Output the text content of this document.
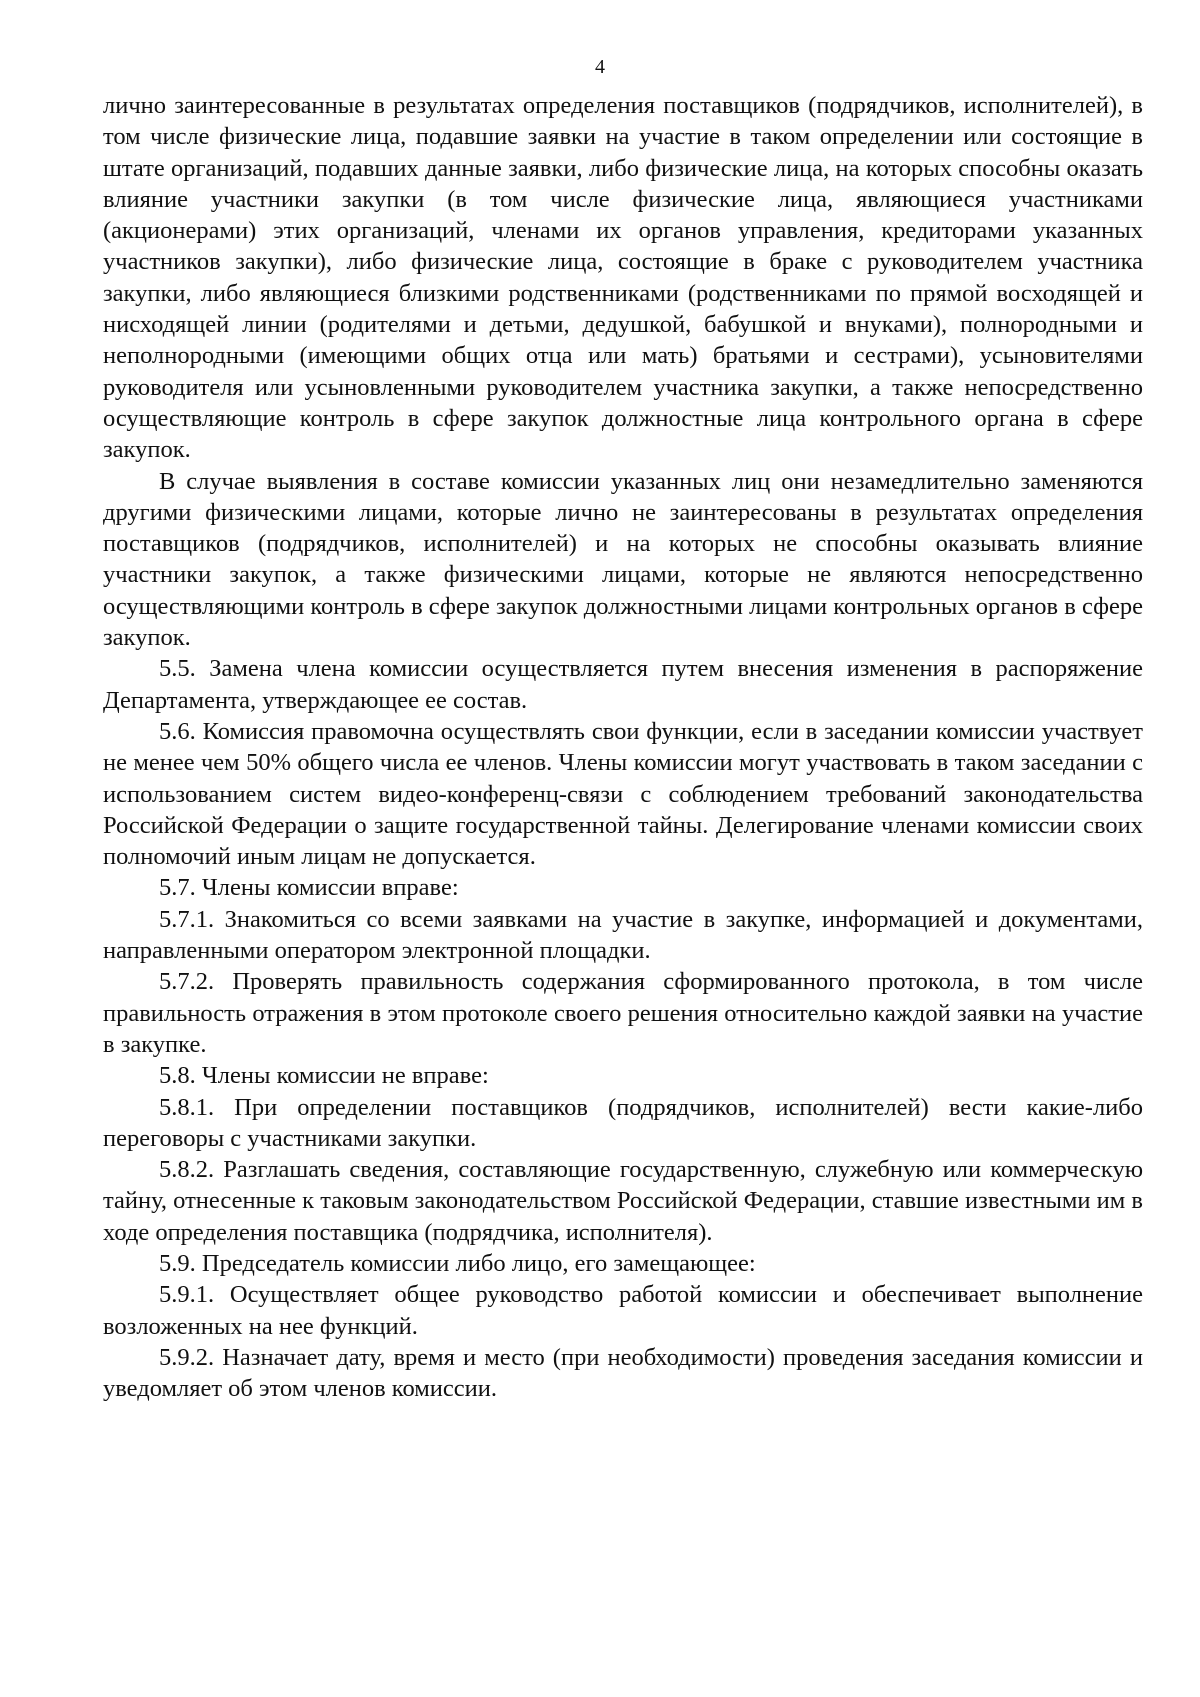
4

лично заинтересованные в результатах определения поставщиков (подрядчиков, исполнителей), в том числе физические лица, подавшие заявки на участие в таком определении или состоящие в штате организаций, подавших данные заявки, либо физические лица, на которых способны оказать влияние участники закупки (в том числе физические лица, являющиеся участниками (акционерами) этих организаций, членами их органов управления, кредиторами указанных участников закупки), либо физические лица, состоящие в браке с руководителем участника закупки, либо являющиеся близкими родственниками (родственниками по прямой восходящей и нисходящей линии (родителями и детьми, дедушкой, бабушкой и внуками), полнородными и неполнородными (имеющими общих отца или мать) братьями и сестрами), усыновителями руководителя или усыновленными руководителем участника закупки, а также непосредственно осуществляющие контроль в сфере закупок должностные лица контрольного органа в сфере закупок.

В случае выявления в составе комиссии указанных лиц они незамедлительно заменяются другими физическими лицами, которые лично не заинтересованы в результатах определения поставщиков (подрядчиков, исполнителей) и на которых не способны оказывать влияние участники закупок, а также физическими лицами, которые не являются непосредственно осуществляющими контроль в сфере закупок должностными лицами контрольных органов в сфере закупок.

5.5. Замена члена комиссии осуществляется путем внесения изменения в распоряжение Департамента, утверждающее ее состав.

5.6. Комиссия правомочна осуществлять свои функции, если в заседании комиссии участвует не менее чем 50% общего числа ее членов. Члены комиссии могут участвовать в таком заседании с использованием систем видео-конференц-связи с соблюдением требований законодательства Российской Федерации о защите государственной тайны. Делегирование членами комиссии своих полномочий иным лицам не допускается.

5.7. Члены комиссии вправе:

5.7.1. Знакомиться со всеми заявками на участие в закупке, информацией и документами, направленными оператором электронной площадки.

5.7.2. Проверять правильность содержания сформированного протокола, в том числе правильность отражения в этом протоколе своего решения относительно каждой заявки на участие в закупке.

5.8. Члены комиссии не вправе:

5.8.1. При определении поставщиков (подрядчиков, исполнителей) вести какие-либо переговоры с участниками закупки.

5.8.2. Разглашать сведения, составляющие государственную, служебную или коммерческую тайну, отнесенные к таковым законодательством Российской Федерации, ставшие известными им в ходе определения поставщика (подрядчика, исполнителя).

5.9. Председатель комиссии либо лицо, его замещающее:

5.9.1. Осуществляет общее руководство работой комиссии и обеспечивает выполнение возложенных на нее функций.

5.9.2. Назначает дату, время и место (при необходимости) проведения заседания комиссии и уведомляет об этом членов комиссии.
